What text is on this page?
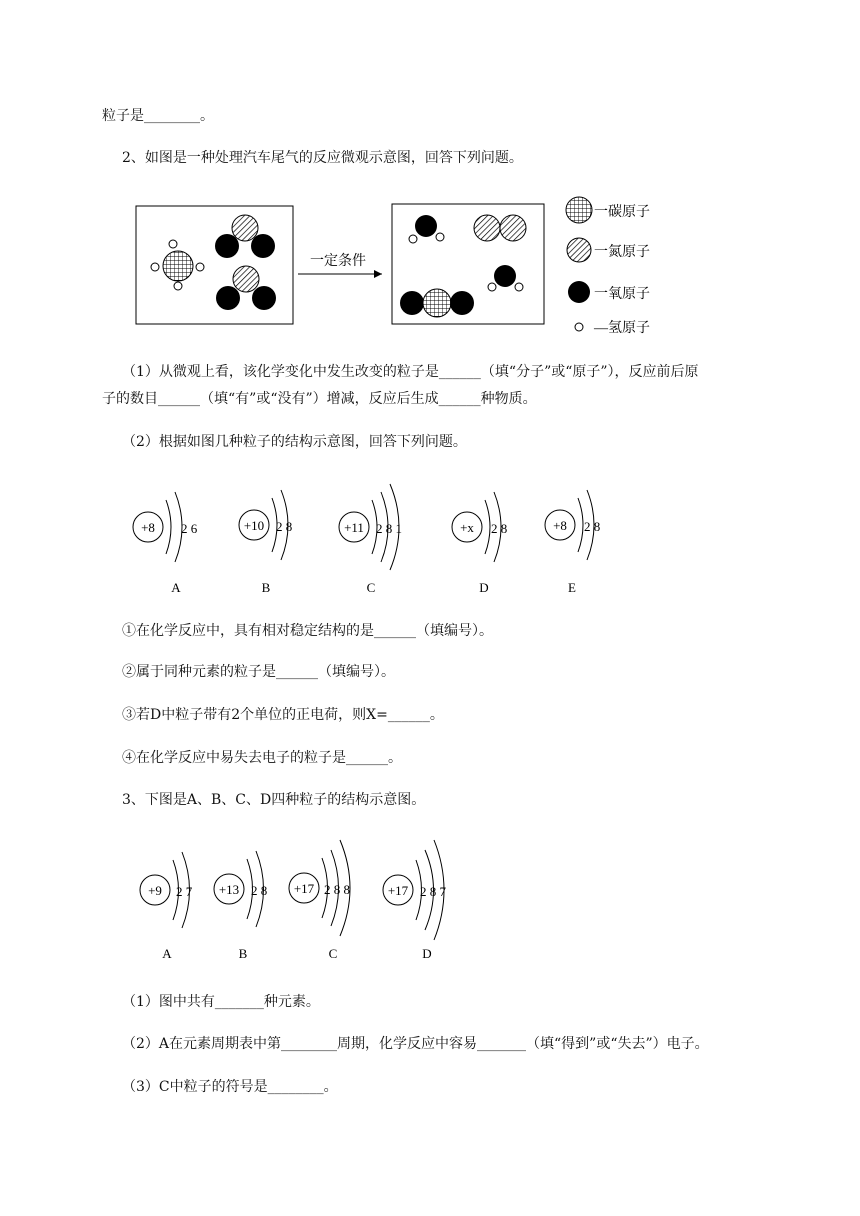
粒子是________。
2、如图是一种处理汽车尾气的反应微观示意图，回答下列问题。
一定条件
一碳原子
一氮原子
一氧原子
—氢原子
（1）从微观上看，该化学变化中发生改变的粒子是______（填“分子”或“原子”），反应前后原
子的数目______（填“有”或“没有”）增减，反应后生成______种物质。
（2）根据如图几种粒子的结构示意图，回答下列问题。
+8 2 6
A
+10 2 8
B
+11 2 8 1
C
+x 2 8
D
+8 2 8
E
①在化学反应中，具有相对稳定结构的是______（填编号）。
②属于同种元素的粒子是______（填编号）。
③若D中粒子带有2个单位的正电荷，则X=______。
④在化学反应中易失去电子的粒子是______。
3、下图是A、B、C、D四种粒子的结构示意图。
+9 2 7
A
+13 2 8
B
+17 2 8 8
C
+17 2 8 7
D
（1）图中共有_______种元素。
（2）A在元素周期表中第________周期，化学反应中容易_______（填“得到”或“失去”）电子。
（3）C中粒子的符号是________。
